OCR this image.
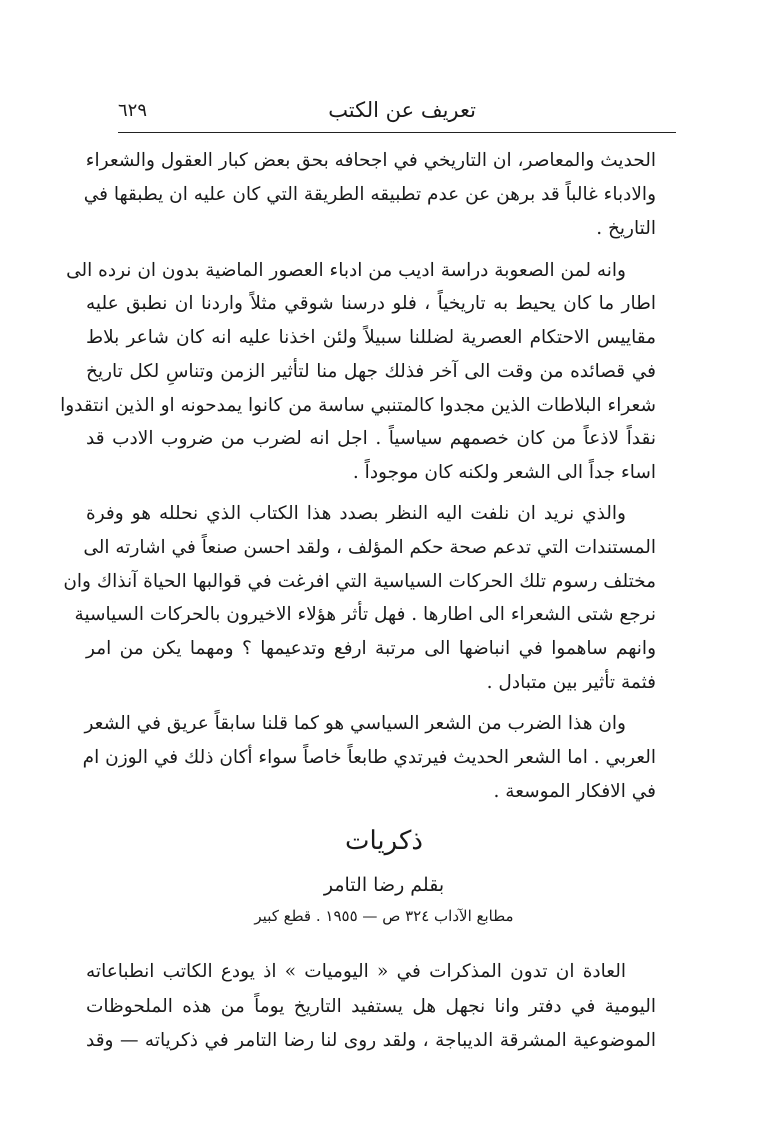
تعريف عن الكتب
٦٢٩
الحديث والمعاصر، ان التاريخي في اجحافه بحق بعض كبار العقول والشعراء
والادباء غالباً قد برهن عن عدم تطبيقه الطريقة التي كان عليه ان يطبقها في
التاريخ .
وانه لمن الصعوبة دراسة اديب من ادباء العصور الماضية بدون ان نرده الى
اطار ما كان يحيط به تاريخياً ، فلو درسنا شوقي مثلاً واردنا ان نطبق عليه
مقاييس الاحتكام العصرية لضللنا سبيلاً ولئن اخذنا عليه انه كان شاعر بلاط
في قصائده من وقت الى آخر فذلك جهل منا لتأثير الزمن وتناسِ لكل تاريخ
شعراء البلاطات الذين مجدوا كالمتنبي ساسة من كانوا يمدحونه او الذين انتقدوا
نقداً لاذعاً من كان خصمهم سياسياً . اجل انه لضرب من ضروب الادب قد
اساء جداً الى الشعر ولكنه كان موجوداً .
والذي نريد ان نلفت اليه النظر بصدد هذا الكتاب الذي نحلله هو وفرة
المستندات التي تدعم صحة حكم المؤلف ، ولقد احسن صنعاً في اشارته الى
مختلف رسوم تلك الحركات السياسية التي افرغت في قوالبها الحياة آنذاك وان
نرجع شتى الشعراء الى اطارها . فهل تأثر هؤلاء الاخيرون بالحركات السياسية
وانهم ساهموا في انباضها الى مرتبة ارفع وتدعيمها ؟ ومهما يكن من امر
فثمة تأثير بين متبادل .
وان هذا الضرب من الشعر السياسي هو كما قلنا سابقاً عريق في الشعر
العربي . اما الشعر الحديث فيرتدي طابعاً خاصاً سواء أكان ذلك في الوزن ام
في الافكار الموسعة .
ذكريات
بقلم رضا التامر
مطابع الآداب ٣٢٤ ص — ١٩٥٥ . قطع كبير
العادة ان تدون المذكرات في « اليوميات » اذ يودع الكاتب انطباعاته
اليومية في دفتر وانا نجهل هل يستفيد التاريخ يوماً من هذه الملحوظات
الموضوعية المشرقة الديباجة ، ولقد روى لنا رضا التامر في ذكرياته — وقد
